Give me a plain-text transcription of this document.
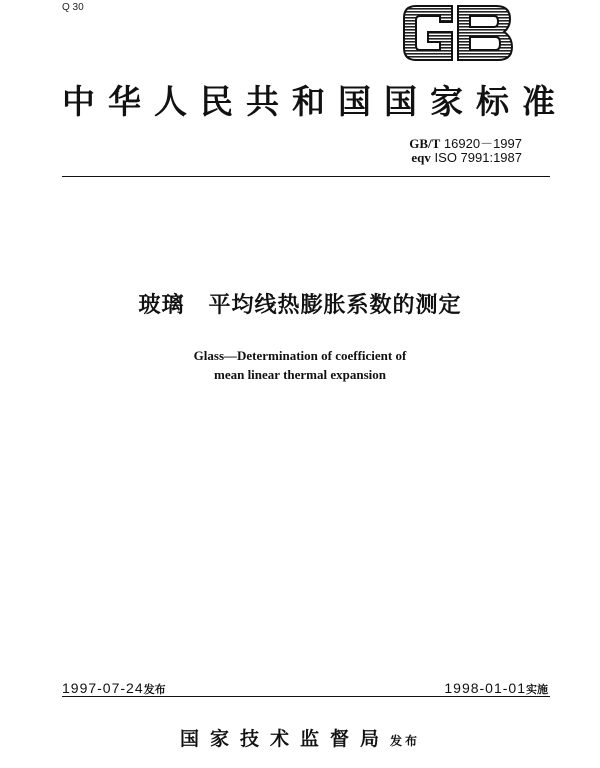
Q 30
中华人民共和国国家标准
GB/T 16920－1997
eqv ISO 7991:1987
玻璃 平均线热膨胀系数的测定
Glass—Determination of coefficient of
mean linear thermal expansion
1997-07-24发布	1998-01-01实施
国家技术监督局发布
